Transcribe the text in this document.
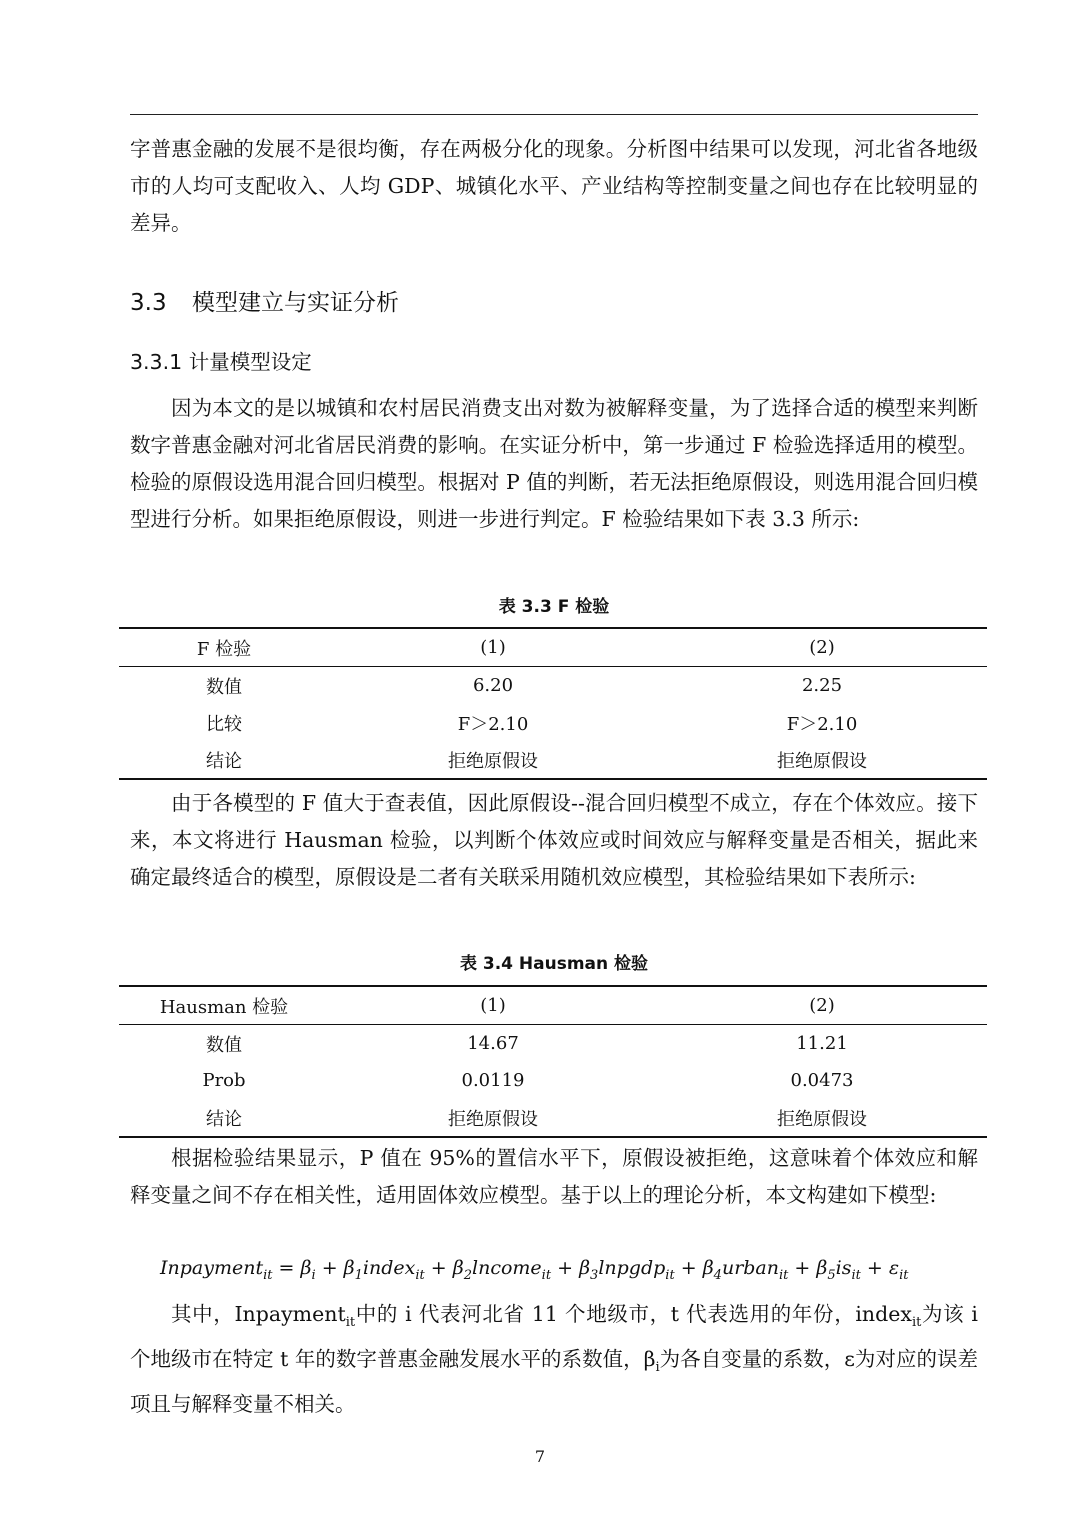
字普惠金融的发展不是很均衡，存在两极分化的现象。分析图中结果可以发现，河北省各地级市的人均可支配收入、人均 GDP、城镇化水平、产业结构等控制变量之间也存在比较明显的差异。

3.3 模型建立与实证分析
3.3.1 计量模型设定

因为本文的是以城镇和农村居民消费支出对数为被解释变量，为了选择合适的模型来判断数字普惠金融对河北省居民消费的影响。在实证分析中，第一步通过 F 检验选择适用的模型。检验的原假设选用混合回归模型。根据对 P 值的判断，若无法拒绝原假设，则选用混合回归模型进行分析。如果拒绝原假设，则进一步进行判定。F 检验结果如下表 3.3 所示:

表 3.3 F 检验

F 检验	(1)	(2)
数值	6.20	2.25
比较	F＞2.10	F＞2.10
结论	拒绝原假设	拒绝原假设

由于各模型的 F 值大于查表值，因此原假设--混合回归模型不成立，存在个体效应。接下来，本文将进行 Hausman 检验，以判断个体效应或时间效应与解释变量是否相关，据此来确定最终适合的模型，原假设是二者有关联采用随机效应模型，其检验结果如下表所示:

表 3.4 Hausman 检验

Hausman 检验	(1)	(2)
数值	14.67	11.21
Prob	0.0119	0.0473
结论	拒绝原假设	拒绝原假设

根据检验结果显示，P 值在 95%的置信水平下，原假设被拒绝，这意味着个体效应和解释变量之间不存在相关性，适用固体效应模型。基于以上的理论分析，本文构建如下模型:

Inpayment$_{it}$ = $\beta_i$ + $\beta_1index_{it}$ + $\beta_2lncome_{it}$ + $\beta_3lnpgdp_{it}$ + $\beta_4urban_{it} + \beta_5is_{it} + \varepsilon_{it}$

其中，Inpayment$_{it}$中的 i 代表河北省 11 个地级市，t 代表选用的年份，index$_{it}$为该 i 个地级市在特定 t 年的数字普惠金融发展水平的系数值，$\beta_i$为各自变量的系数，ε为对应的误差项且与解释变量不相关。

7
